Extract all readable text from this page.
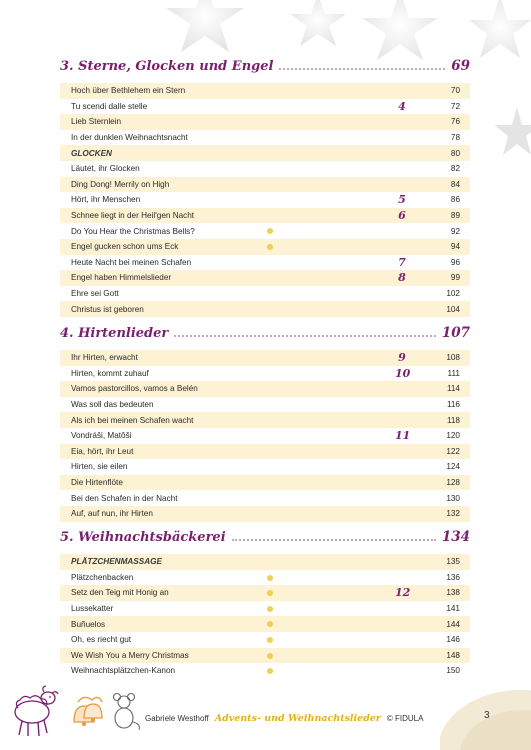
3. Sterne, Glocken und Engel	69
Hoch über Bethlehem ein Stern	70
Tu scendi dalle stelle	4	72
Lieb Sternlein	76
In der dunklen Weihnachtsnacht	78
GLOCKEN	80
Läutet, ihr Glocken	82
Ding Dong! Merrily on High	84
Hört, ihr Menschen	5	86
Schnee liegt in der Heil'gen Nacht	6	89
Do You Hear the Christmas Bells?	92
Engel gucken schon ums Eck	94
Heute Nacht bei meinen Schafen	7	96
Engel haben Himmelslieder	8	99
Ehre sei Gott	102
Christus ist geboren	104
4. Hirtenlieder	107
Ihr Hirten, erwacht	9	108
Hirten, kommt zuhauf	10	111
Vamos pastorcillos, vamos a Belén	114
Was soll das bedeuten	116
Als ich bei meinen Schafen wacht	118
Vondráši, Matôši	11	120
Eia, hört, ihr Leut	122
Hirten, sie eilen	124
Die Hirtenflöte	128
Bei den Schafen in der Nacht	130
Auf, auf nun, ihr Hirten	132
5. Weihnachtsbäckerei	134
PLÄTZCHENMASSAGE	135
Plätzchenbacken	136
Setz den Teig mit Honig an	12	138
Lussekatter	141
Buñuelos	144
Oh, es riecht gut	146
We Wish You a Merry Christmas	148
Weihnachtsplätzchen-Kanon	150
Gabriele Westhoff Advents- und Weihnachtslieder © FIDULA	3
